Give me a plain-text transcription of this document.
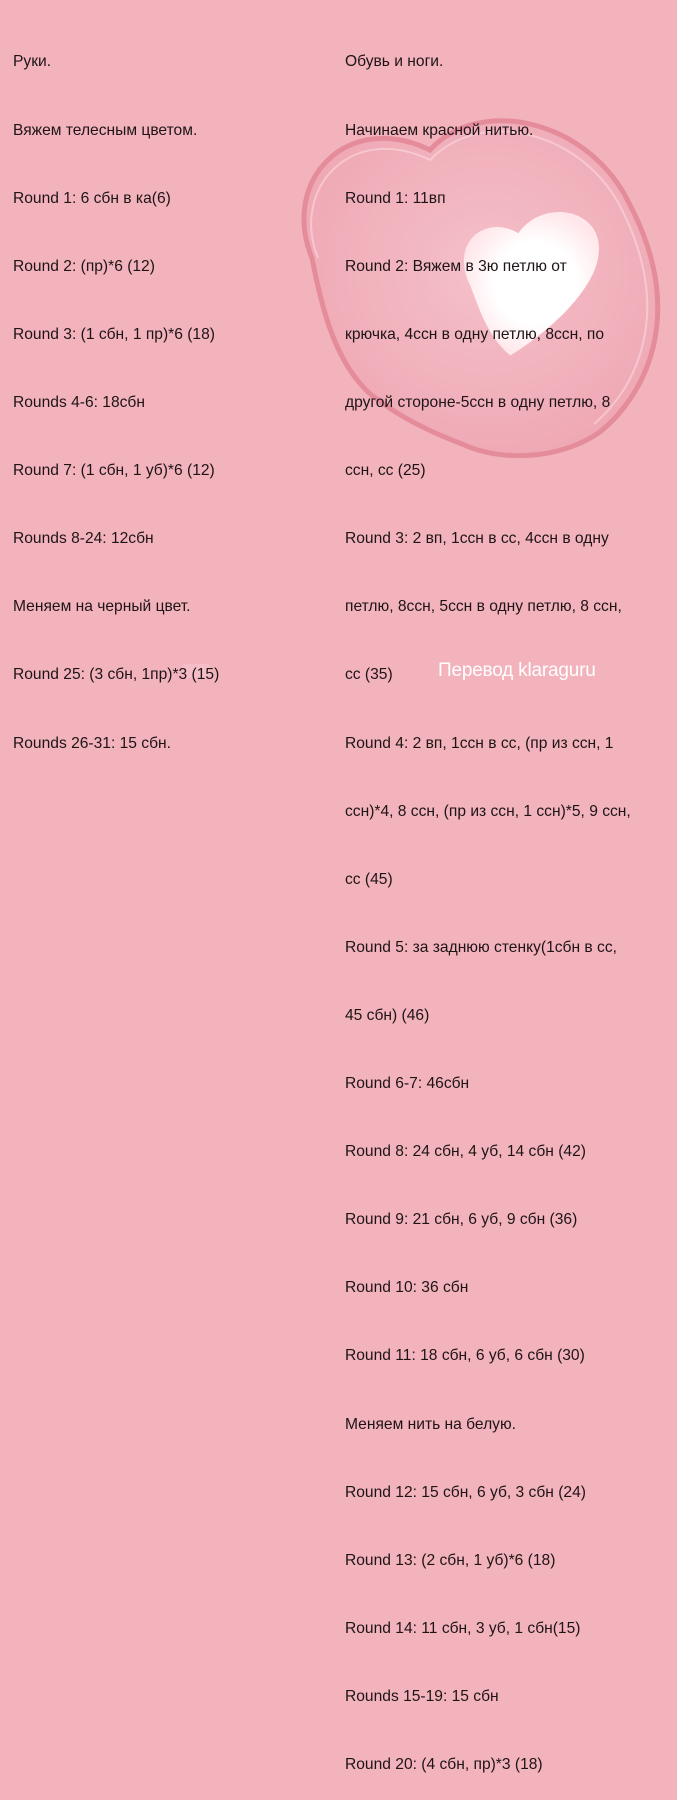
Руки.

Вяжем телесным цветом.

Round 1: 6 сбн в ка(6)

Round 2: (пр)*6 (12)

Round 3: (1 сбн, 1 пр)*6 (18)

Rounds 4-6: 18сбн

Round 7: (1 сбн, 1 уб)*6 (12)

Rounds 8-24: 12сбн

Меняем на черный цвет.

Round 25: (3 сбн, 1пр)*3 (15)

Rounds 26-31: 15 сбн.

Обувь и ноги.

Начинаем красной нитью.

Round 1: 11вп

Round 2: Вяжем в 3ю петлю от

крючка, 4ссн в одну петлю, 8ссн, по

другой стороне-5ссн в одну петлю, 8

ссн, сс (25)

Round 3: 2 вп, 1ссн в сс, 4ссн в одну

петлю, 8ссн, 5ссн в одну петлю, 8 ссн,

сс (35)

Round 4: 2 вп, 1ссн в сс, (пр из ссн, 1

ссн)*4, 8 ссн, (пр из ссн, 1 ссн)*5, 9 ссн,

сс (45)

Round 5: за заднюю стенку(1сбн в сс,

45 сбн) (46)

Round 6-7: 46сбн

Round 8: 24 сбн, 4 уб, 14 сбн (42)

Round 9: 21 сбн, 6 уб, 9 сбн (36)

Round 10: 36 сбн

Round 11: 18 сбн, 6 уб, 6 сбн (30)

Меняем нить на белую.

Round 12: 15 сбн, 6 уб, 3 сбн (24)

Round 13: (2 сбн, 1 уб)*6 (18)

Round 14: 11 сбн, 3 уб, 1 сбн(15)

Rounds 15-19: 15 сбн

Round 20: (4 сбн, пр)*3 (18)

Перевод klaraguru
